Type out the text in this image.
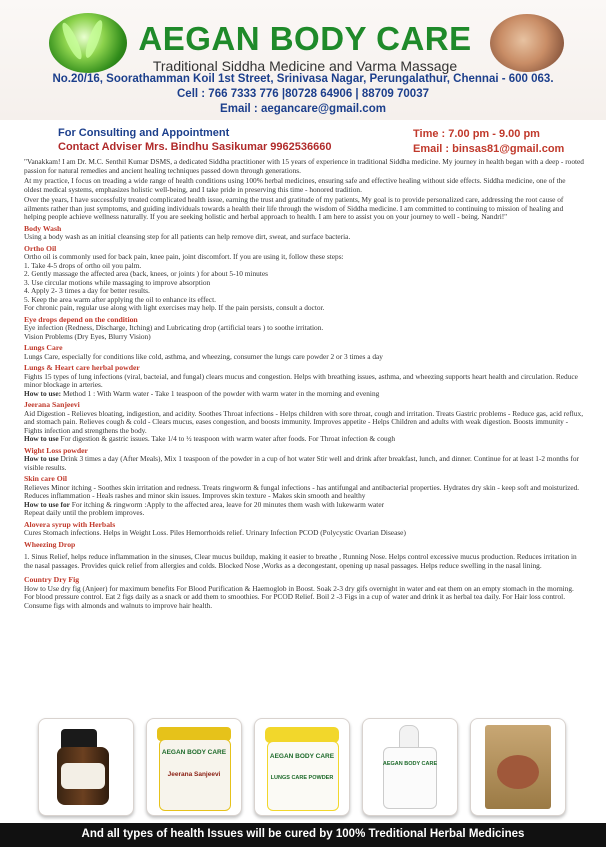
AEGAN BODY CARE
Traditional Siddha Medicine and Varma Massage
No.20/16, Soorathamman Koil 1st Street, Srinivasa Nagar, Perungalathur, Chennai - 600 063.
Cell : 766 7333 776 |80728 64906 | 88709 70037
Email : aegancare@gmail.com
For Consulting and Appointment
Contact Adviser Mrs. Bindhu Sasikumar 9962536660
Time : 7.00 pm - 9.00 pm
Email : binsas81@gmail.com

"Vanakkam! I am Dr. M.C. Senthil Kumar DSMS, a dedicated Siddha practitioner with 15 years of experience in traditional Siddha medicine. My journey in health began with a deep - rooted passion for natural remedies and ancient healing techniques passed down through generations.

At my practice, I focus on treading a wide range of health conditions using 100% herbal medicines, ensuring safe and effective healing without side effects. Siddha medicine, one of the oldest medical systems, emphasizes holistic well-being, and I take pride in preserving this time - honored tradition.

Over the years, I have successfully treated complicated health issue, earning the trust and gratitude of my patients, My goal is to provide personalized care, addressing the root cause of ailments rather than just symptoms, and guiding individuals towards a health their life through the wisdom of Siddha medicine. I am committed to continuing to mission of healing and helping people achieve wellness naturally. If you are seeking holistic and herbal approach to health. I am here to assist you on your journey to well - being. Nandri!"

Body Wash
Using a body wash as an initial cleansing step for all patients can help remove dirt, sweat, and surface bacteria.
Ortho Oil
Ortho oil is commonly used for back pain, knee pain, joint discomfort. If you are using it, follow these steps:
1. Take 4-5 drops of ortho oil you palm.
2. Gently massage the affected area (back, knees, or joints ) for about 5-10 minutes
3. Use circular motions while massaging to improve absorption
4. Apply 2- 3 times a day for better results.
5. Keep the area warm after applying the oil to enhance its effect.
For chronic pain, regular use along with light exercises may help. If the pain persists, consult a doctor.
Eye drops depend on the condition
Eye infection (Redness, Discharge, Itching) and Lubricating drop (artificial tears ) to soothe irritation.
Vision Problems (Dry Eyes, Blurry Vision)
Lungs Care
Lungs Care, especially for conditions like cold, asthma, and wheezing, consumer the lungs care powder 2 or 3 times a day
Lungs & Heart care herbal powder
Fights 15 types of lung infections (viral, bacteial, and fungal) clears mucus and congestion. Helps with breathing issues, asthma, and wheezing supports heart health and circulation. Reduce minor blockage in arteries.
How to use: Method 1 : With Warm water - Take 1 teaspoon of the powder with warm water in the morning and evening
Jeerana Sanjeevi
Aid Digestion - Relieves bloating, indigestion, and acidity. Soothes Throat infections - Helps children with sore throat, cough and irritation. Treats Gastric problems - Reduce gas, acid reflux, and stomach pain. Relieves cough & cold - Clears mucus, eases congestion, and boosts immunity. Improves appetite - Helps Children and adults with weak digestion. Boosts immunity - Fights infection and strengthens the body.
How to use For digestion & gastric issues. Take 1/4 to ½ teaspoon with warm water after foods. For Throat infection & cough
Wight Loss powder
How to use Drink 3 times a day (After Meals), Mix 1 teaspoon of the powder in a cup of hot water Stir well and drink after breakfast, lunch, and dinner. Continue for at least 1-2 months for visible results.
Skin care Oil
Relieves Minor itching - Soothes skin irritation and redness. Treats ringworm & fungal infections - has antifungal and antibacterial properties. Hydrates dry skin - keep soft and moisturized. Reduces inflammation - Heals rashes and minor skin issues. Improves skin texture - Makes skin smooth and healthy
How to use for For itching & ringworm :Apply to the affected area, leave for 20 minutes them wash with lukewarm water
Repeat daily until the problem improves.
Alovera syrup with Herbals
Cures Stomach infections. Helps in Weight Loss. Piles Hemorrhoids relief. Urinary Infection PCOD (Polycystic Ovarian Disease)
Wheezing Drop
1. Sinus Relief, helps reduce inflammation in the sinuses, Clear mucus buildup, making it easier to breathe , Running Nose. Helps control excessive mucus production. Reduces irritation in the nasal passages. Provides quick relief from allergies and colds. Blocked Nose ,Works as a decongestant, opening up nasal passages. Helps reduce swelling in the nasal lining.
Country Dry Fig
How to Use dry fig (Anjeer) for maximum benefits For Blood Purification & Haemoglob in Boost. Soak 2-3 dry gifs overnight in water and eat them on an empty stomach in the morning. For blood pressure control. Eat 2 figs daily as a snack or add them to smoothies. For PCOD Relief. Boil 2 -3 Figs in a cup of water and drink it as herbal tea daily. For Hair loss control. Consume figs with almonds and walnuts to improve hair health.
AEGAN BODY CARE
Jeerana Sanjeevi
AEGAN BODY CARE
LUNGS CARE POWDER
AEGAN BODY CARE
And all types of health Issues will be cured by 100% Treditional Herbal Medicines
